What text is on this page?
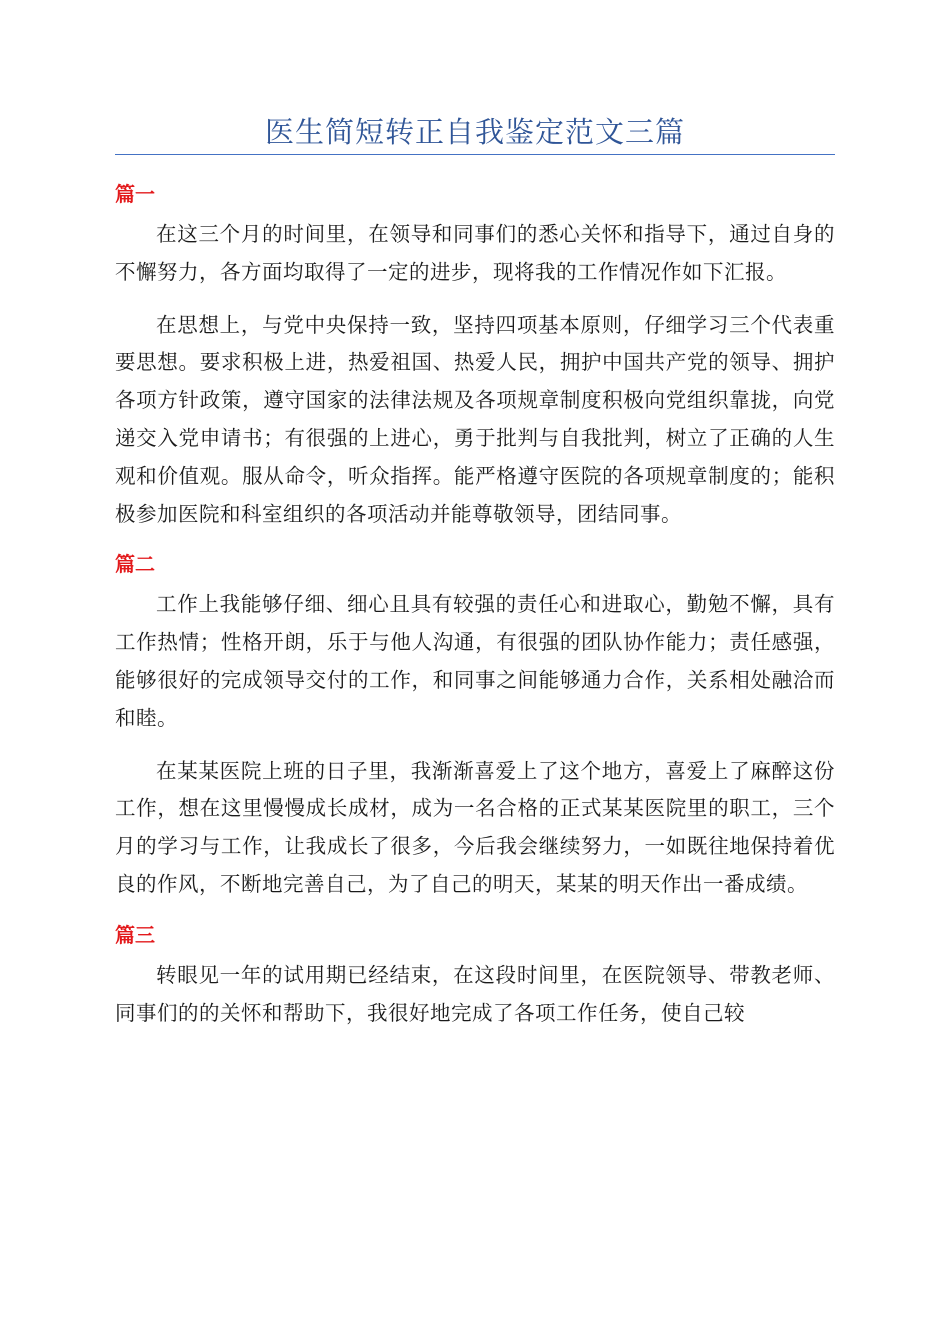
医生简短转正自我鉴定范文三篇
篇一

在这三个月的时间里，在领导和同事们的悉心关怀和指导下，通过自身的不懈努力，各方面均取得了一定的进步，现将我的工作情况作如下汇报。

在思想上，与党中央保持一致，坚持四项基本原则，仔细学习三个代表重要思想。要求积极上进，热爱祖国、热爱人民，拥护中国共产党的领导、拥护各项方针政策，遵守国家的法律法规及各项规章制度积极向党组织靠拢，向党递交入党申请书；有很强的上进心，勇于批判与自我批判，树立了正确的人生观和价值观。服从命令，听众指挥。能严格遵守医院的各项规章制度的；能积极参加医院和科室组织的各项活动并能尊敬领导，团结同事。

篇二

工作上我能够仔细、细心且具有较强的责任心和进取心，勤勉不懈，具有工作热情；性格开朗，乐于与他人沟通，有很强的团队协作能力；责任感强，能够很好的完成领导交付的工作，和同事之间能够通力合作，关系相处融洽而和睦。

在某某医院上班的日子里，我渐渐喜爱上了这个地方，喜爱上了麻醉这份工作，想在这里慢慢成长成材，成为一名合格的正式某某医院里的职工，三个月的学习与工作，让我成长了很多，今后我会继续努力，一如既往地保持着优良的作风，不断地完善自己，为了自己的明天，某某的明天作出一番成绩。

篇三

转眼见一年的试用期已经结束，在这段时间里，在医院领导、带教老师、同事们的的关怀和帮助下，我很好地完成了各项工作任务，使自己较
